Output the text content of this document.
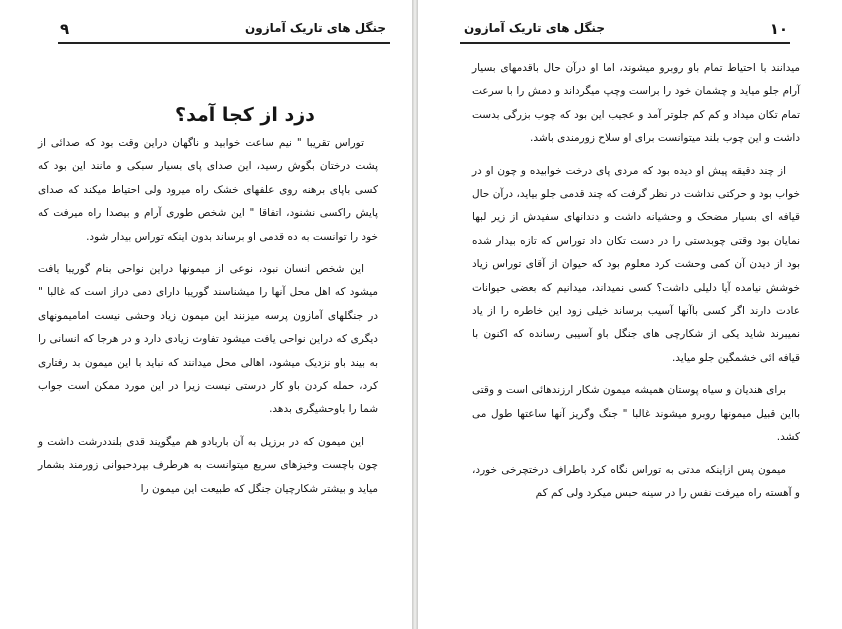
۹	جنگل های تاریک آمازون
دزد از کجا آمد؟

توراس تقریبا " نیم ساعت خوابید و ناگهان دراین وقت بود که صدائی از پشت درختان بگوش رسید، این صدای پای بسیار سبکی و مانند این بود که کسی باپای برهنه روی علفهای خشک راه میرود ولی احتیاط میکند که صدای پایش راکسی نشنود، اتفاقا " این شخص طوری آرام و بیصدا راه میرفت که خود را توانست به ده قدمی او برساند بدون اینکه توراس بیدار شود.

این شخص انسان نبود، نوعی از میمونها دراین نواحی بنام گوریبا یافت میشود که اهل محل آنها را میشناسند گوریبا دارای دمی دراز است که غالبا " در جنگلهای آمازون پرسه میزنند این میمون زیاد وحشی نیست امامیمونهای دیگری که دراین نواحی یافت میشود تفاوت زیادی دارد و در هرجا که انسانی را به بیند باو نزدیک میشود، اهالی محل میدانند که نباید با این میمون بد رفتاری کرد، حمله کردن باو کار درستی نیست زیرا در این مورد ممکن است جواب شما را باوحشیگری بدهد.

این میمون که در برزیل به آن باربادو هم میگویند قدی بلنددرشت داشت و چون باچست وخیزهای سریع میتوانست به هرطرف بپردحیوانی زورمند بشمار میاید و بیشتر شکارچیان جنگل که طبیعت این میمون را

۱۰
جنگل های تاریک آمازون

میدانند با احتیاط تمام باو روبرو میشوند، اما او درآن حال باقدمهای بسیار آرام جلو میاید و چشمان خود را براست وچپ میگرداند و دمش را با سرعت تمام تکان میداد و کم کم جلوتر آمد و عجیب این بود که چوب بزرگی بدست داشت و این چوب بلند میتوانست برای او سلاح زورمندی باشد.

از چند دقیقه پیش او دیده بود که مردی پای درخت خوابیده و چون او در خواب بود و حرکتی نداشت در نظر گرفت که چند قدمی جلو بیاید، درآن حال قیافه ای بسیار مضحک و وحشیانه داشت و دندانهای سفیدش از زیر لبها نمایان بود وقتی چوبدستی را در دست تکان داد توراس که تازه بیدار شده بود از دیدن آن کمی وحشت کرد معلوم بود که حیوان از آقای توراس زیاد خوشش نیامده آیا دلیلی داشت؟ کسی نمیداند، میدانیم که بعضی حیوانات عادت دارند اگر کسی باآنها آسیب برساند خیلی زود این خاطره را از یاد نمیبرند شاید یکی از شکارچی های جنگل باو آسیبی رسانده که اکنون با قیافه ائی خشمگین جلو میاید.

برای هندیان و سیاه پوستان همیشه میمون شکار ارزندهائی است و وقتی بااین قبیل میمونها روبرو میشوند غالبا " جنگ وگریز آنها ساعتها طول می کشد.

میمون پس ازاینکه مدتی به توراس نگاه کرد باطراف درختچرخی خورد، و آهسته راه میرفت نفس را در سینه حبس میکرد ولی کم کم
